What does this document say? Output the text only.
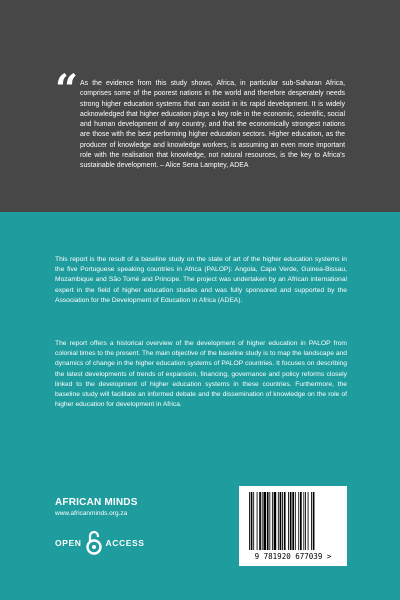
“ As the evidence from this study shows, Africa, in particular sub-Saharan Africa, comprises some of the poorest nations in the world and therefore desperately needs strong higher education systems that can assist in its rapid development. It is widely acknowledged that higher education plays a key role in the economic, scientific, social and human development of any country, and that the economically strongest nations are those with the best performing higher education sectors. Higher education, as the producer of knowledge and knowledge workers, is assuming an even more important role with the realisation that knowledge, not natural resources, is the key to Africa's sustainable development. – Alice Sena Lamptey, ADEA

This report is the result of a baseline study on the state of art of the higher education systems in the five Portuguese speaking countries in Africa (PALOP): Angola, Cape Verde, Guinea-Bissau, Mozambique and São Tomé and Principe. The project was undertaken by an African international expert in the field of higher education studies and was fully sponsored and supported by the Association for the Development of Education in Africa (ADEA).

The report offers a historical overview of the development of higher education in PALOP from colonial times to the present. The main objective of the baseline study is to map the landscape and dynamics of change in the higher education systems of PALOP countries. It focuses on describing the latest developments of trends of expansion, financing, governance and policy reforms closely linked to the development of higher education systems in these countries. Furthermore, the baseline study will facilitate an informed debate and the dissemination of knowledge on the role of higher education for development in Africa.

AFRICAN MINDS
www.africanminds.org.za
OPEN	ACCESS
9 781920 677039 >
